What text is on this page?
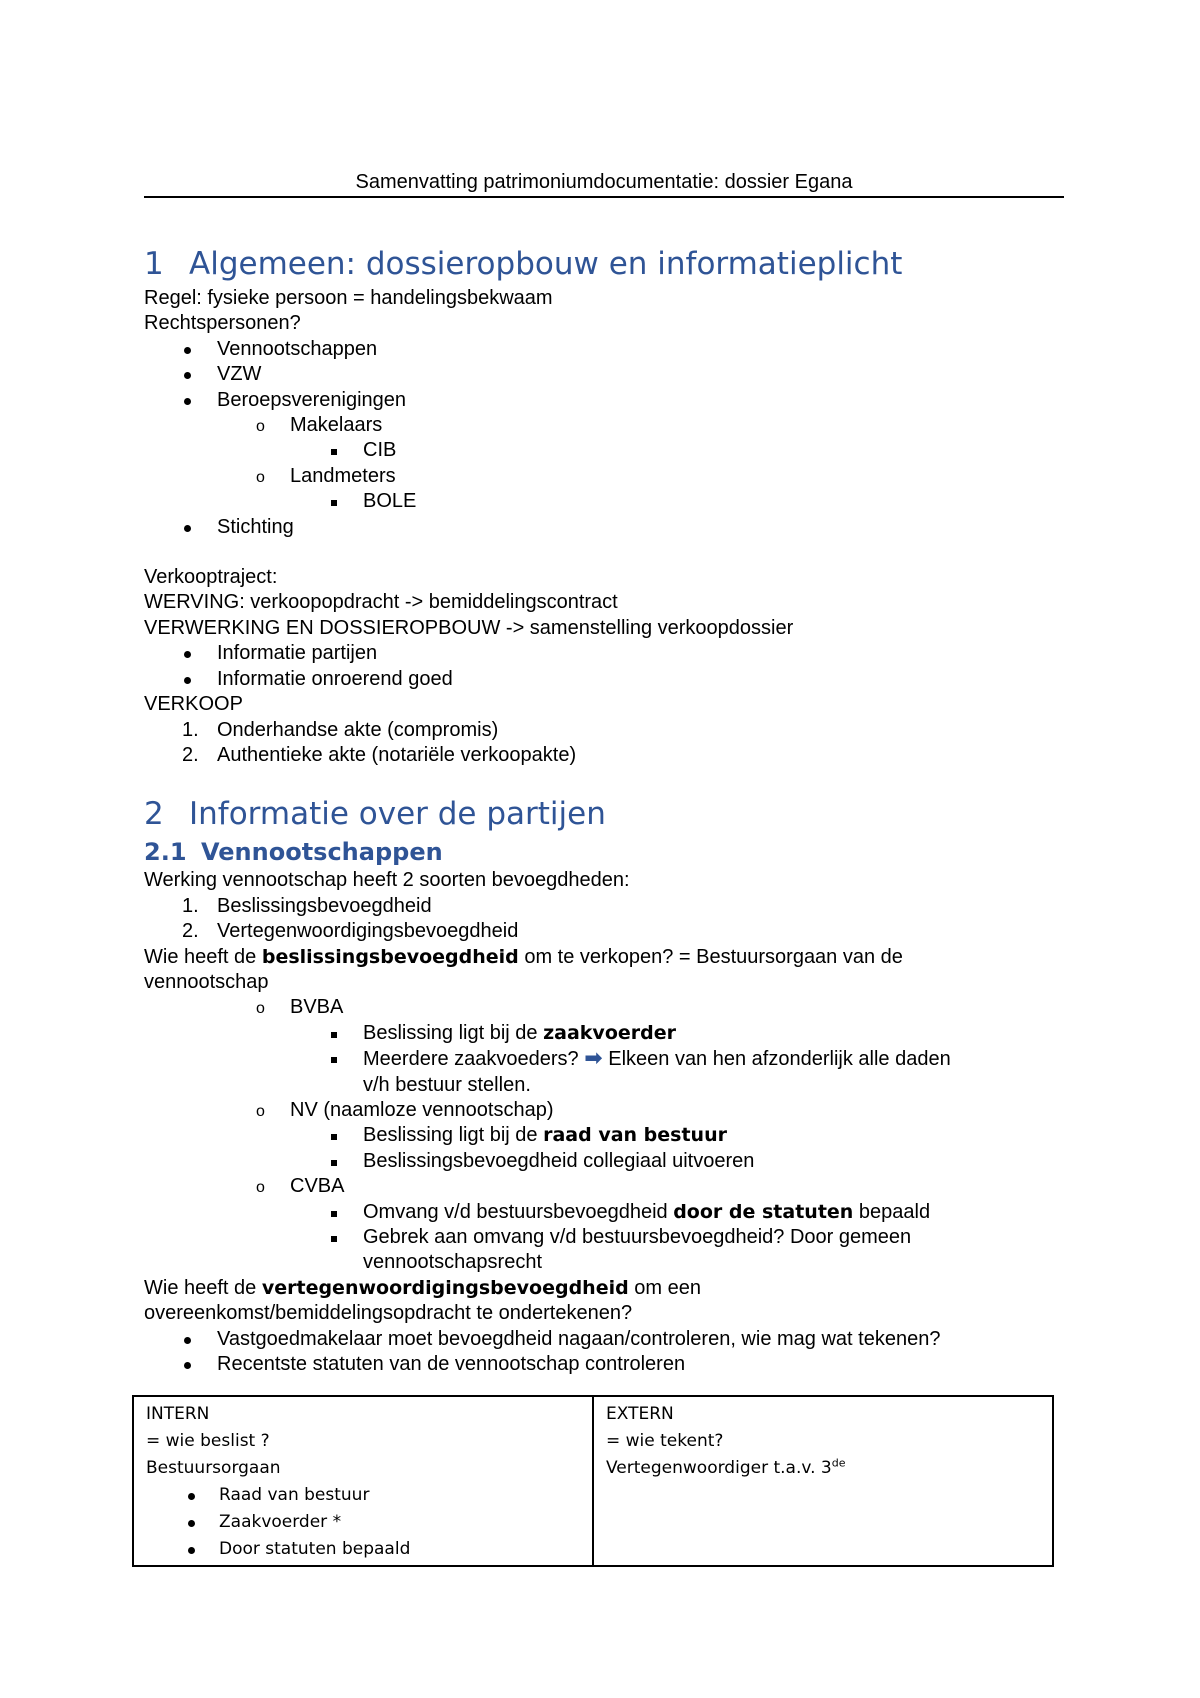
Samenvatting patrimoniumdocumentatie: dossier Egana
1 Algemeen: dossieropbouw en informatieplicht

Regel: fysieke persoon = handelingsbekwaam

Rechtspersonen?

Vennootschappen
VZW
Beroepsverenigingen
o Makelaars
CIB
o Landmeters
BOLE
Stichting

Verkooptraject:

WERVING: verkoopopdracht -> bemiddelingscontract

VERWERKING EN DOSSIEROPBOUW -> samenstelling verkoopdossier

Informatie partijen
Informatie onroerend goed

VERKOOP

1. Onderhandse akte (compromis)
2. Authentieke akte (notariële verkoopakte)
2 Informatie over de partijen
2.1 Vennootschappen

Werking vennootschap heeft 2 soorten bevoegdheden:

1. Beslissingsbevoegdheid
2. Vertegenwoordigingsbevoegdheid

Wie heeft de beslissingsbevoegdheid om te verkopen? = Bestuursorgaan van de
vennootschap

o BVBA
Beslissing ligt bij de zaakvoerder
Meerdere zaakvoeders? ➡ Elkeen van hen afzonderlijk alle daden
v/h bestuur stellen.
o NV (naamloze vennootschap)
Beslissing ligt bij de raad van bestuur
Beslissingsbevoegdheid collegiaal uitvoeren
o CVBA
Omvang v/d bestuursbevoegdheid door de statuten bepaald
Gebrek aan omvang v/d bestuursbevoegdheid? Door gemeen
vennootschapsrecht

Wie heeft de vertegenwoordigingsbevoegdheid om een
overeenkomst/bemiddelingsopdracht te ondertekenen?

Vastgoedmakelaar moet bevoegdheid nagaan/controleren, wie mag wat tekenen?
Recentste statuten van de vennootschap controleren
INTERN
= wie beslist ?
Bestuursorgaan
Raad van bestuur
Zaakvoerder *
Door statuten bepaald

EXTERN
= wie tekent?
Vertegenwoordiger t.a.v. 3de
